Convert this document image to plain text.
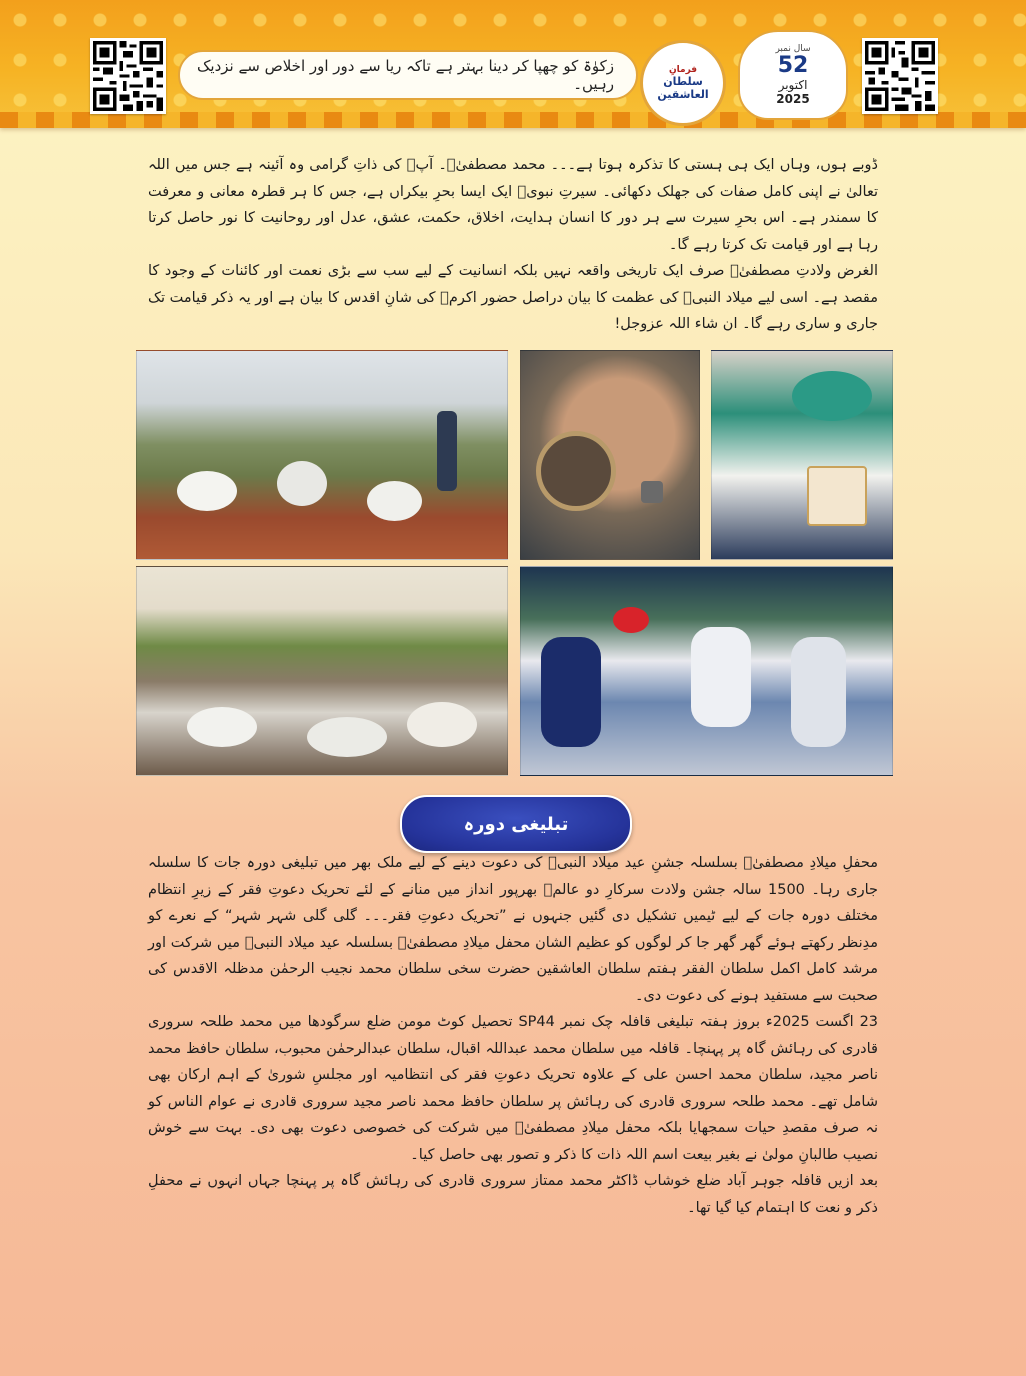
زکوٰۃ کو چھپا کر دینا بہتر ہے تاکہ ریا سے دور اور اخلاص سے نزدیک رہیں۔
فرمانِ
سلطان العاشقین
سال نمبر
52
اکتوبر
2025

ڈوبے ہوں، وہاں ایک ہی ہستی کا تذکرہ ہوتا ہے۔۔۔ محمد مصطفیٰؐ۔ آپؐ کی ذاتِ گرامی وہ آئینہ ہے جس میں اللہ تعالیٰ نے اپنی کامل صفات کی جھلک دکھائی۔ سیرتِ نبویؐ ایک ایسا بحرِ بیکراں ہے، جس کا ہر قطرہ معانی و معرفت کا سمندر ہے۔ اس بحرِ سیرت سے ہر دور کا انسان ہدایت، اخلاق، حکمت، عشق، عدل اور روحانیت کا نور حاصل کرتا رہا ہے اور قیامت تک کرتا رہے گا۔

الغرض ولادتِ مصطفیٰؐ صرف ایک تاریخی واقعہ نہیں بلکہ انسانیت کے لیے سب سے بڑی نعمت اور کائنات کے وجود کا مقصد ہے۔ اسی لیے میلاد النبیؐ کی عظمت کا بیان دراصل حضور اکرمؐ کی شانِ اقدس کا بیان ہے اور یہ ذکر قیامت تک جاری و ساری رہے گا۔ ان شاء اللہ عزوجل!

تبلیغی دورہ

محفلِ میلادِ مصطفیٰؐ بسلسلہ جشنِ عید میلاد النبیؐ کی دعوت دینے کے لیے ملک بھر میں تبلیغی دورہ جات کا سلسلہ جاری رہا۔ 1500 سالہ جشن ولادت سرکارِ دو عالمؐ بھرپور انداز میں منانے کے لئے تحریک دعوتِ فقر کے زیرِ انتظام مختلف دورہ جات کے لیے ٹیمیں تشکیل دی گئیں جنہوں نے ”تحریک دعوتِ فقر۔۔۔ گلی گلی شہر شہر“ کے نعرے کو مدِنظر رکھتے ہوئے گھر گھر جا کر لوگوں کو عظیم الشان محفل میلادِ مصطفیٰؐ بسلسلہ عید میلاد النبیؐ میں شرکت اور مرشد کامل اکمل سلطان الفقر ہفتم سلطان العاشقین حضرت سخی سلطان محمد نجیب الرحمٰن مدظلہ الاقدس کی صحبت سے مستفید ہونے کی دعوت دی۔

23 اگست 2025ء بروز ہفتہ تبلیغی قافلہ چک نمبر SP44 تحصیل کوٹ مومن ضلع سرگودھا میں محمد طلحہ سروری قادری کی رہائش گاہ پر پہنچا۔ قافلہ میں سلطان محمد عبداللہ اقبال، سلطان عبدالرحمٰن محبوب، سلطان حافظ محمد ناصر مجید، سلطان محمد احسن علی کے علاوہ تحریک دعوتِ فقر کی انتظامیہ اور مجلسِ شوریٰ کے اہم ارکان بھی شامل تھے۔ محمد طلحہ سروری قادری کی رہائش پر سلطان حافظ محمد ناصر مجید سروری قادری نے عوام الناس کو نہ صرف مقصدِ حیات سمجھایا بلکہ محفل میلادِ مصطفیٰؐ میں شرکت کی خصوصی دعوت بھی دی۔ بہت سے خوش نصیب طالبانِ مولیٰ نے بغیر بیعت اسم اللہ ذات کا ذکر و تصور بھی حاصل کیا۔

بعد ازیں قافلہ جوہر آباد ضلع خوشاب ڈاکٹر محمد ممتاز سروری قادری کی رہائش گاہ پر پہنچا جہاں انہوں نے محفلِ ذکر و نعت کا اہتمام کیا گیا تھا۔
